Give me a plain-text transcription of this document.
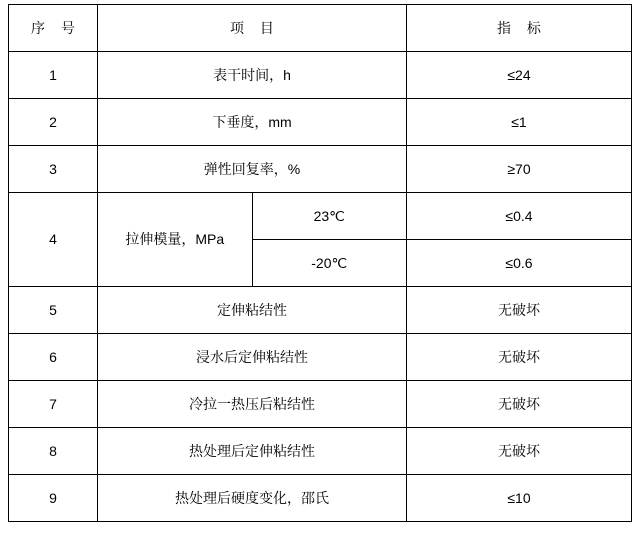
序 号	项 目		指 标
1	表干时间，h		≤24
2	下垂度，mm		≤1
3	弹性回复率，%		≥70
4	拉伸模量，MPa	23℃	≤0.4
		-20℃	≤0.6
5	定伸粘结性		无破坏
6	浸水后定伸粘结性		无破坏
7	冷拉一热压后粘结性		无破坏
8	热处理后定伸粘结性		无破坏
9	热处理后硬度变化，邵氏		≤10
